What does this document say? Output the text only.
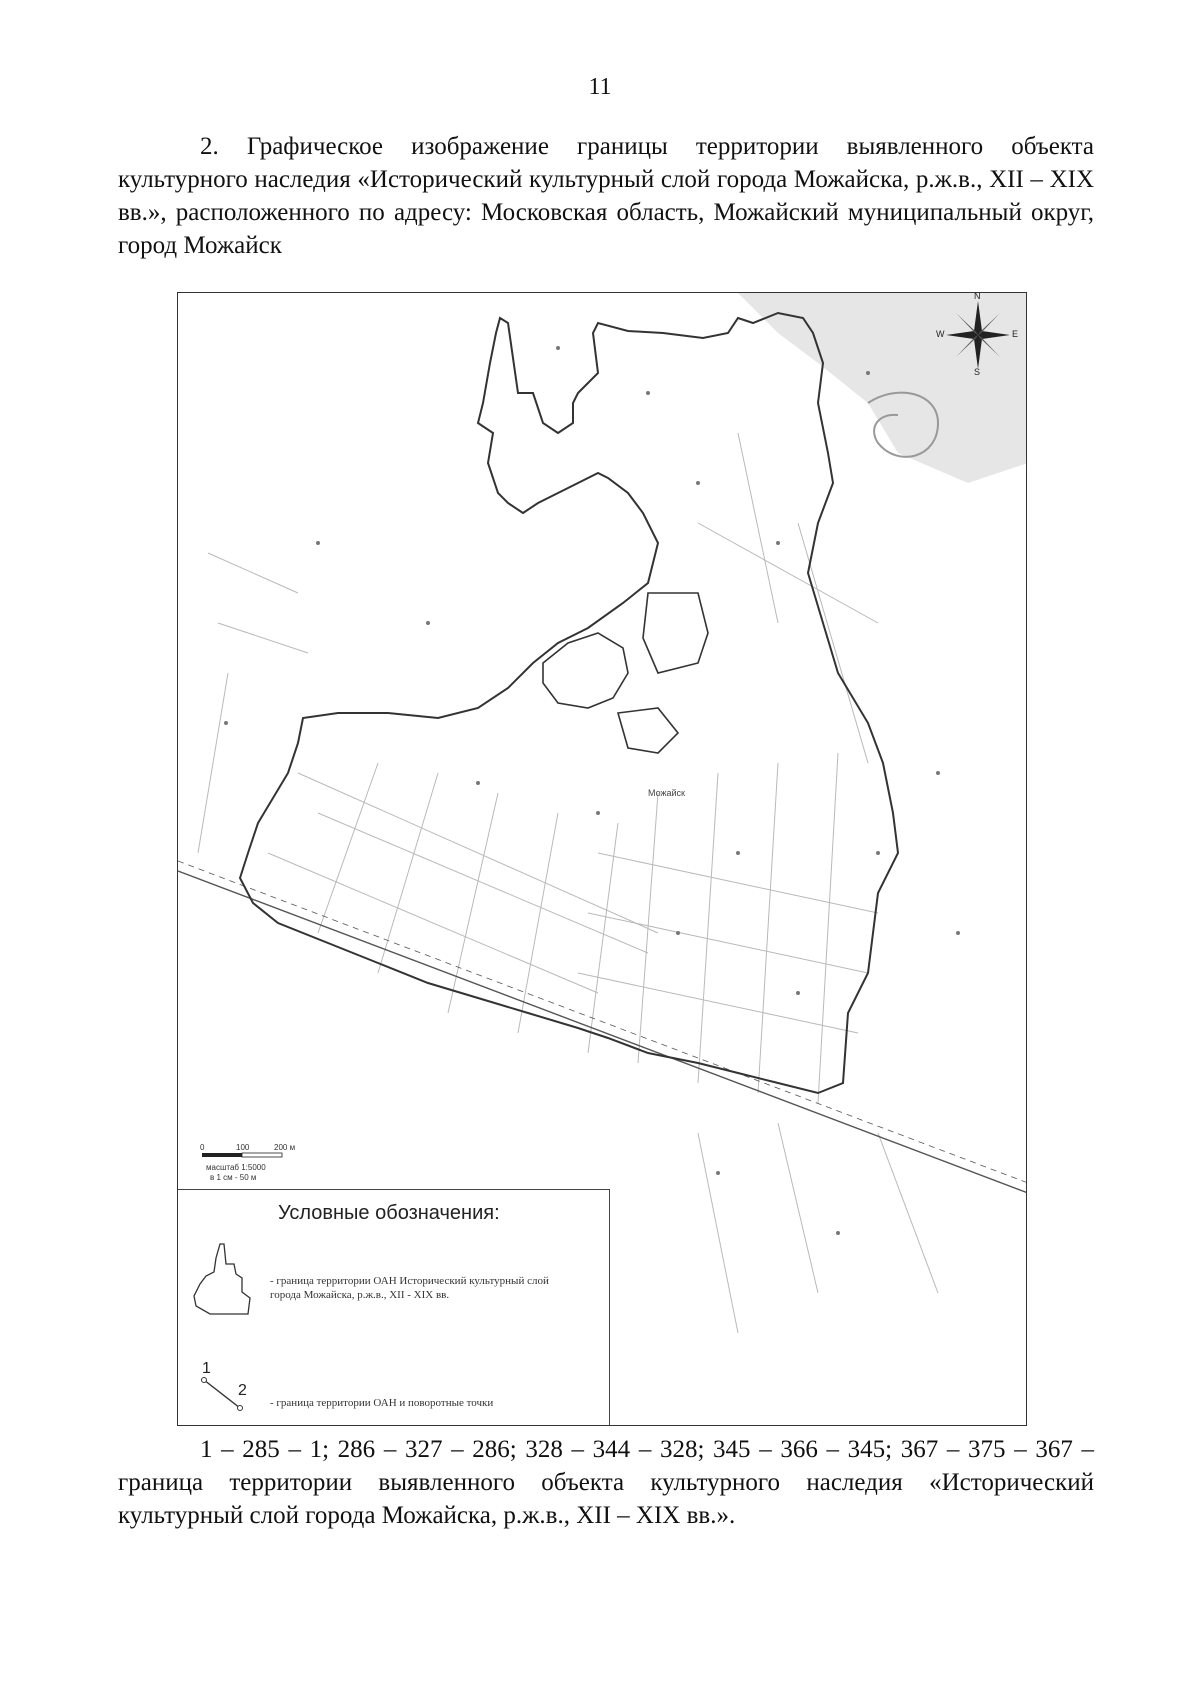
11

2. Графическое изображение границы территории выявленного объекта культурного наследия «Исторический культурный слой города Можайска, р.ж.в., XII – XIX вв.», расположенного по адресу: Московская область, Можайский муниципальный округ, город Можайск

Можайск
N
S
W	E
0	100	200 м
масштаб 1:5000
в 1 см - 50 м
Условные обозначения:
- граница территории ОАН Исторический культурный слой города Можайска, р.ж.в., XII - XIX вв.
1
2
- граница территории ОАН и поворотные точки

1 – 285 – 1; 286 – 327 – 286; 328 – 344 – 328; 345 – 366 – 345; 367 – 375 – 367 – граница территории выявленного объекта культурного наследия «Исторический культурный слой города Можайска, р.ж.в., XII – XIX вв.».
